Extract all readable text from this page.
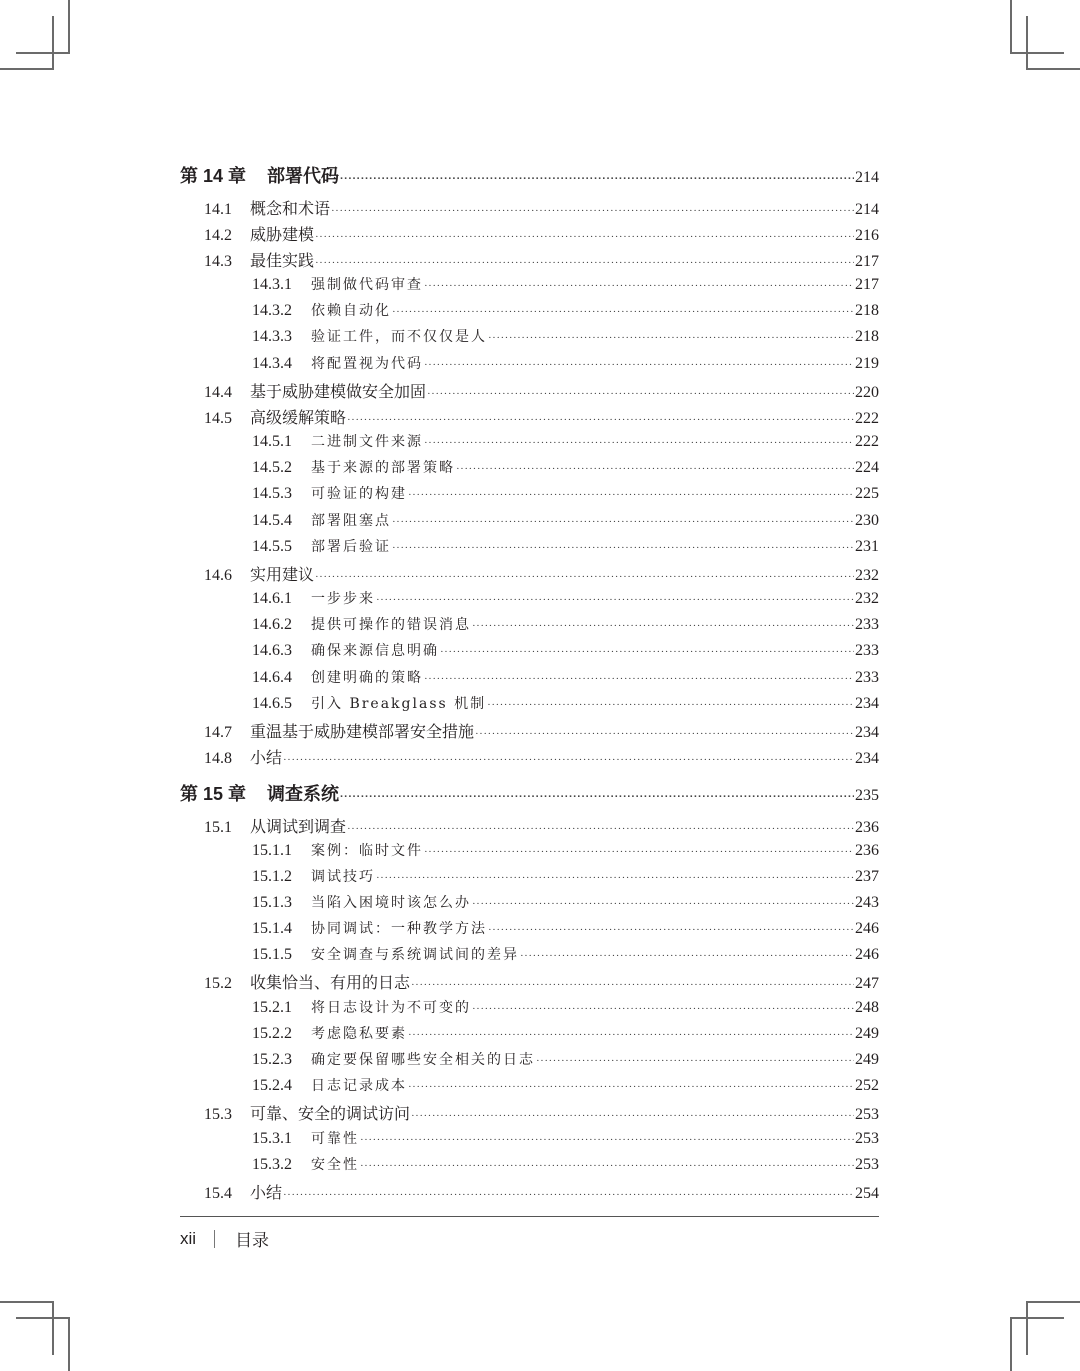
第 14 章	部署代码 ·····	214
14.1	概念和术语 ·····	214
14.2	威胁建模 ·····	216
14.3	最佳实践 ·····	217
14.3.1	强制做代码审查 ·····	217
14.3.2	依赖自动化 ·····	218
14.3.3	验证工件，而不仅仅是人 ·····	218
14.3.4	将配置视为代码 ·····	219
14.4	基于威胁建模做安全加固 ·····	220
14.5	高级缓解策略 ·····	222
14.5.1	二进制文件来源 ·····	222
14.5.2	基于来源的部署策略 ·····	224
14.5.3	可验证的构建 ·····	225
14.5.4	部署阻塞点 ·····	230
14.5.5	部署后验证 ·····	231
14.6	实用建议 ·····	232
14.6.1	一步步来 ·····	232
14.6.2	提供可操作的错误消息 ·····	233
14.6.3	确保来源信息明确 ·····	233
14.6.4	创建明确的策略 ·····	233
14.6.5	引入 Breakglass 机制 ·····	234
14.7	重温基于威胁建模部署安全措施 ·····	234
14.8	小结 ·····	234
第 15 章	调查系统 ·····	235
15.1	从调试到调查 ·····	236
15.1.1	案例：临时文件 ·····	236
15.1.2	调试技巧 ·····	237
15.1.3	当陷入困境时该怎么办 ·····	243
15.1.4	协同调试：一种教学方法 ·····	246
15.1.5	安全调查与系统调试间的差异 ·····	246
15.2	收集恰当、有用的日志 ·····	247
15.2.1	将日志设计为不可变的 ·····	248
15.2.2	考虑隐私要素 ·····	249
15.2.3	确定要保留哪些安全相关的日志 ·····	249
15.2.4	日志记录成本 ·····	252
15.3	可靠、安全的调试访问 ·····	253
15.3.1	可靠性 ·····	253
15.3.2	安全性 ·····	253
15.4	小结 ·····	254
xii 目录
